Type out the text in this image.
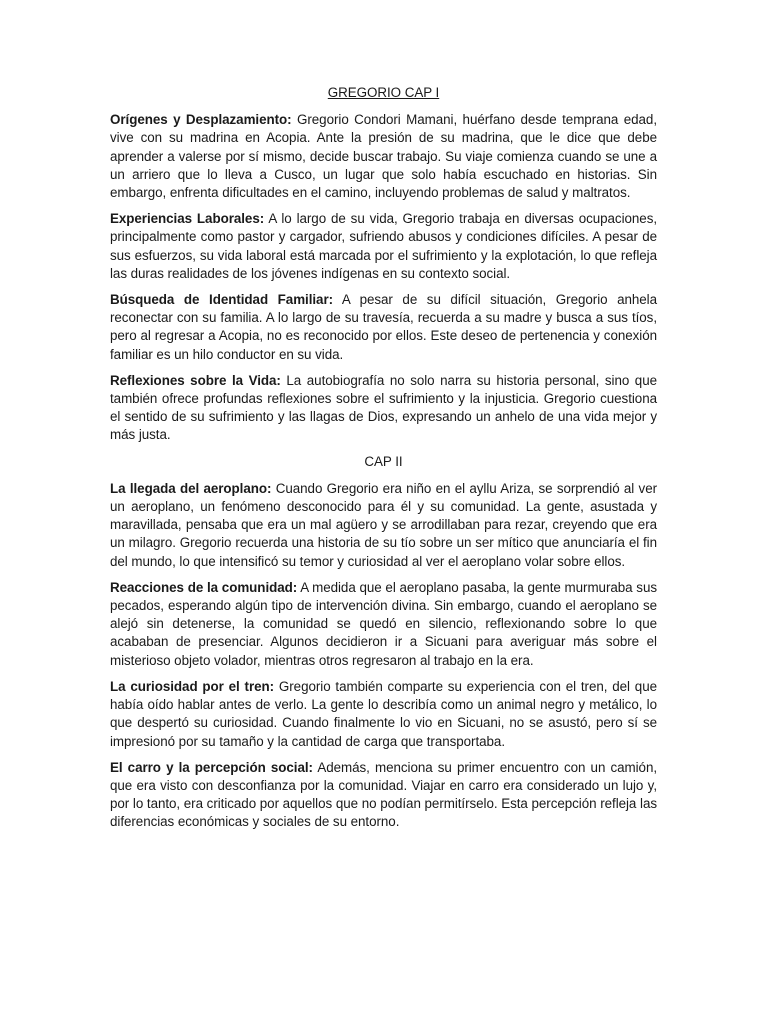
GREGORIO CAP I

Orígenes y Desplazamiento: Gregorio Condori Mamani, huérfano desde temprana edad, vive con su madrina en Acopia. Ante la presión de su madrina, que le dice que debe aprender a valerse por sí mismo, decide buscar trabajo. Su viaje comienza cuando se une a un arriero que lo lleva a Cusco, un lugar que solo había escuchado en historias. Sin embargo, enfrenta dificultades en el camino, incluyendo problemas de salud y maltratos.

Experiencias Laborales: A lo largo de su vida, Gregorio trabaja en diversas ocupaciones, principalmente como pastor y cargador, sufriendo abusos y condiciones difíciles. A pesar de sus esfuerzos, su vida laboral está marcada por el sufrimiento y la explotación, lo que refleja las duras realidades de los jóvenes indígenas en su contexto social.

Búsqueda de Identidad Familiar: A pesar de su difícil situación, Gregorio anhela reconectar con su familia. A lo largo de su travesía, recuerda a su madre y busca a sus tíos, pero al regresar a Acopia, no es reconocido por ellos. Este deseo de pertenencia y conexión familiar es un hilo conductor en su vida.

Reflexiones sobre la Vida: La autobiografía no solo narra su historia personal, sino que también ofrece profundas reflexiones sobre el sufrimiento y la injusticia. Gregorio cuestiona el sentido de su sufrimiento y las llagas de Dios, expresando un anhelo de una vida mejor y más justa.

CAP II

La llegada del aeroplano: Cuando Gregorio era niño en el ayllu Ariza, se sorprendió al ver un aeroplano, un fenómeno desconocido para él y su comunidad. La gente, asustada y maravillada, pensaba que era un mal agüero y se arrodillaban para rezar, creyendo que era un milagro. Gregorio recuerda una historia de su tío sobre un ser mítico que anunciaría el fin del mundo, lo que intensificó su temor y curiosidad al ver el aeroplano volar sobre ellos.

Reacciones de la comunidad: A medida que el aeroplano pasaba, la gente murmuraba sus pecados, esperando algún tipo de intervención divina. Sin embargo, cuando el aeroplano se alejó sin detenerse, la comunidad se quedó en silencio, reflexionando sobre lo que acababan de presenciar. Algunos decidieron ir a Sicuani para averiguar más sobre el misterioso objeto volador, mientras otros regresaron al trabajo en la era.

La curiosidad por el tren: Gregorio también comparte su experiencia con el tren, del que había oído hablar antes de verlo. La gente lo describía como un animal negro y metálico, lo que despertó su curiosidad. Cuando finalmente lo vio en Sicuani, no se asustó, pero sí se impresionó por su tamaño y la cantidad de carga que transportaba.

El carro y la percepción social: Además, menciona su primer encuentro con un camión, que era visto con desconfianza por la comunidad. Viajar en carro era considerado un lujo y, por lo tanto, era criticado por aquellos que no podían permitírselo. Esta percepción refleja las diferencias económicas y sociales de su entorno.
